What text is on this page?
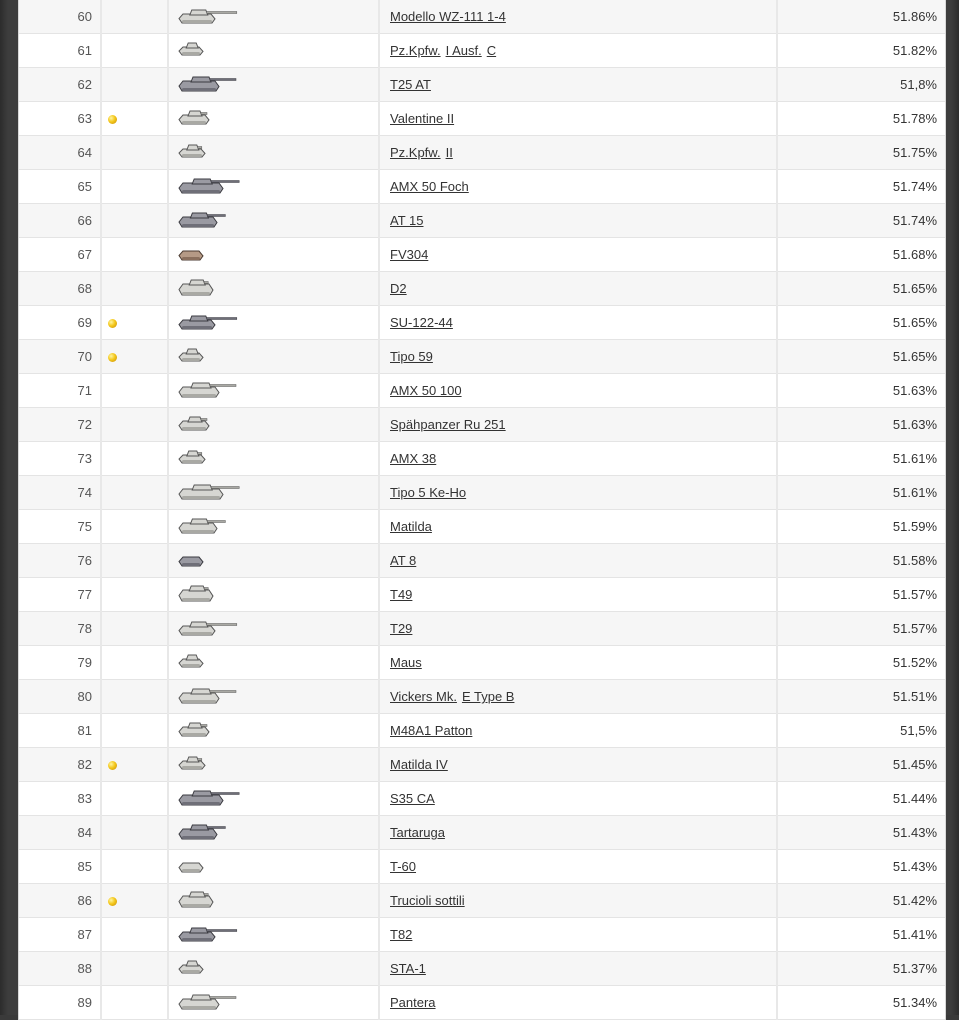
60			Modello WZ-111 1-4	51.86%
61			Pz.Kpfw. I Ausf. C	51.82%
62			T25 AT	51,8%
63			Valentine II	51.78%
64			Pz.Kpfw. II	51.75%
65			AMX 50 Foch	51.74%
66			AT 15	51.74%
67			FV304	51.68%
68			D2	51.65%
69			SU-122-44	51.65%
70			Tipo 59	51.65%
71			AMX 50 100	51.63%
72			Spähpanzer Ru 251	51.63%
73			AMX 38	51.61%
74			Tipo 5 Ke-Ho	51.61%
75			Matilda	51.59%
76			AT 8	51.58%
77			T49	51.57%
78			T29	51.57%
79			Maus	51.52%
80			Vickers Mk. E Type B	51.51%
81			M48A1 Patton	51,5%
82			Matilda IV	51.45%
83			S35 CA	51.44%
84			Tartaruga	51.43%
85			T-60	51.43%
86			Trucioli sottili	51.42%
87			T82	51.41%
88			STA-1	51.37%
89			Pantera	51.34%
